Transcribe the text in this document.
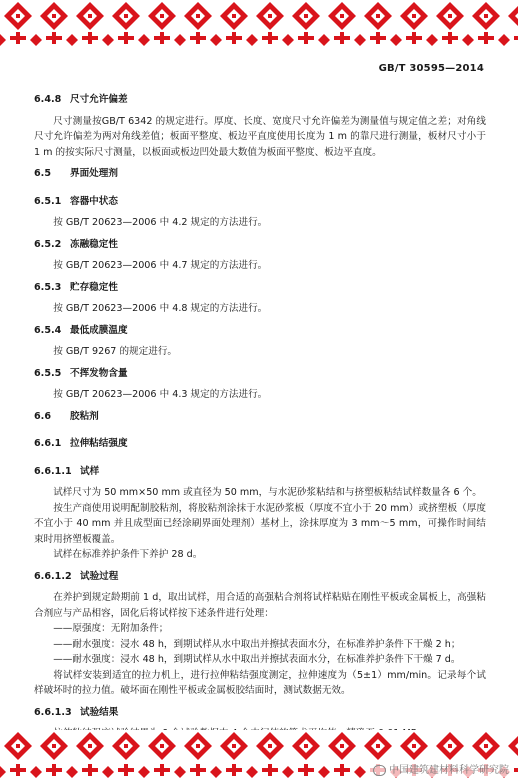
GB/T 30595—2014
6.4.8 尺寸允许偏差
尺寸测量按GB/T 6342 的规定进行。厚度、长度、宽度尺寸允许偏差为测量值与规定值之差；对角线尺寸允许偏差为两对角线差值；板面平整度、板边平直度使用长度为 1 m 的靠尺进行测量，板材尺寸小于 1 m 的按实际尺寸测量，以板面或板边凹处最大数值为板面平整度、板边平直度。
6.5 界面处理剂
6.5.1 容器中状态
按 GB/T 20623—2006 中 4.2 规定的方法进行。
6.5.2 冻融稳定性
按 GB/T 20623—2006 中 4.7 规定的方法进行。
6.5.3 贮存稳定性
按 GB/T 20623—2006 中 4.8 规定的方法进行。
6.5.4 最低成膜温度
按 GB/T 9267 的规定进行。
6.5.5 不挥发物含量
按 GB/T 20623—2006 中 4.3 规定的方法进行。
6.6 胶粘剂
6.6.1 拉伸粘结强度
6.6.1.1 试样
试样尺寸为 50 mm×50 mm 或直径为 50 mm，与水泥砂浆粘结和与挤塑板粘结试样数量各 6 个。
按生产商使用说明配制胶粘剂，将胶粘剂涂抹于水泥砂浆板（厚度不宜小于 20 mm）或挤塑板（厚度不宜小于 40 mm 并且成型面已经涂刷界面处理剂）基材上，涂抹厚度为 3 mm～5 mm，可操作时间结束时用挤塑板覆盖。
试样在标准养护条件下养护 28 d。
6.6.1.2 试验过程
在养护到规定龄期前 1 d，取出试样，用合适的高强粘合剂将试样粘贴在刚性平板或金属板上，高强粘合剂应与产品相容，固化后将试样按下述条件进行处理：
——原强度：无附加条件；
——耐水强度：浸水 48 h，到期试样从水中取出并擦拭表面水分，在标准养护条件下干燥 2 h；
——耐水强度：浸水 48 h，到期试样从水中取出并擦拭表面水分，在标准养护条件下干燥 7 d。
将试样安装到适宜的拉力机上，进行拉伸粘结强度测定，拉伸速度为（5±1）mm/min。记录每个试样破坏时的拉力值。破坏面在刚性平板或金属板胶结面时，测试数据无效。
6.6.1.3 试验结果
中国建筑建材料科学研究院
